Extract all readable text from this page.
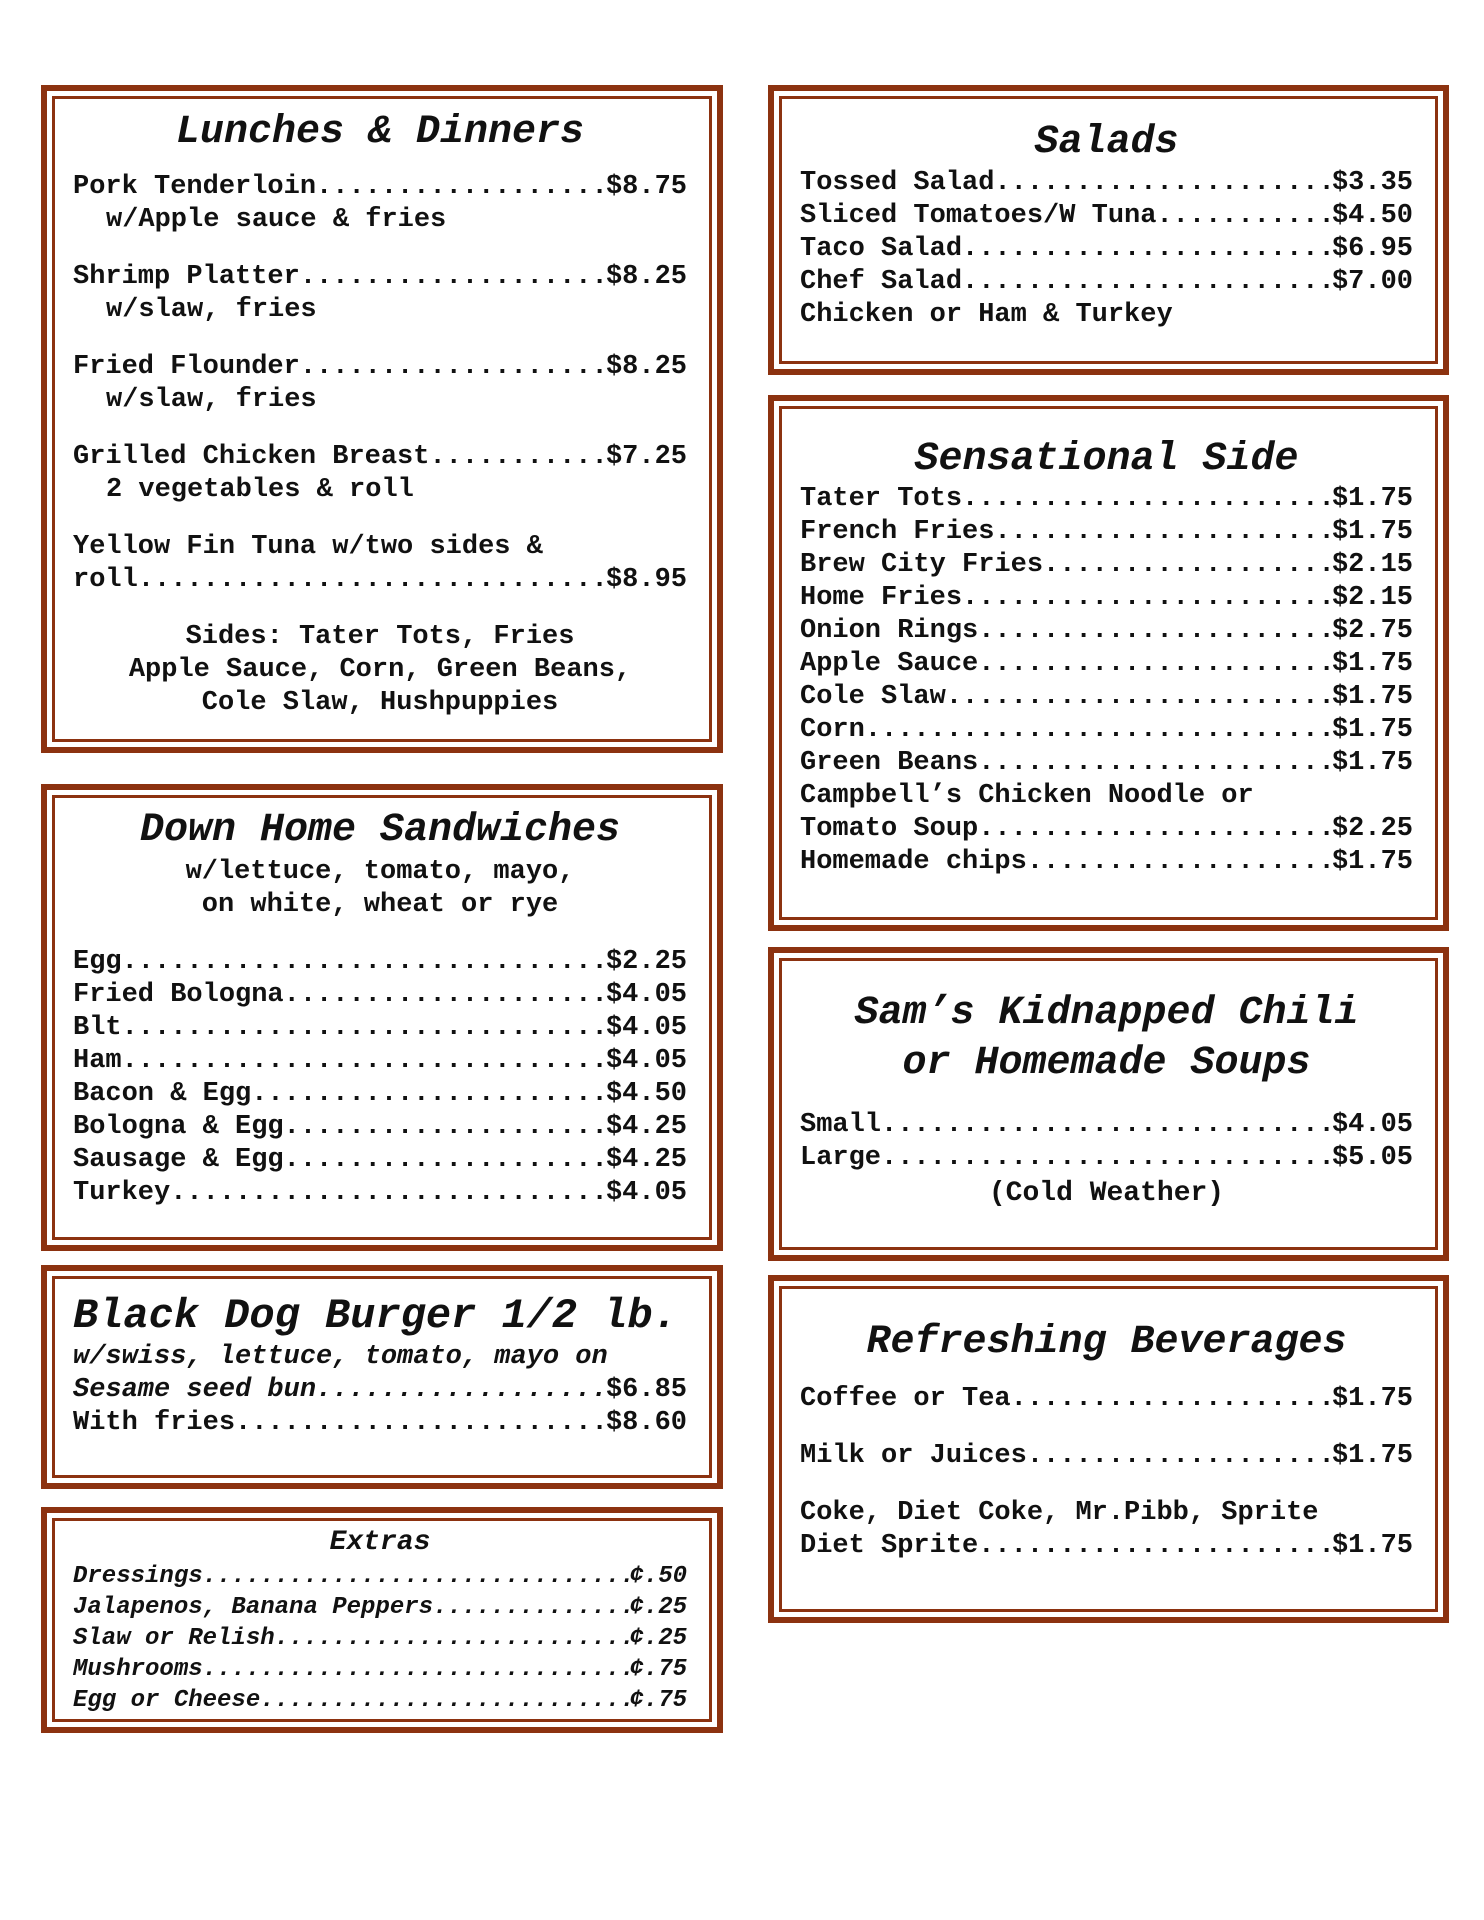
Lunches & Dinners
Pork Tenderloin .....	$8.75
w/Apple sauce & fries
Shrimp Platter .....	$8.25
w/slaw, fries
Fried Flounder .....	$8.25
w/slaw, fries
Grilled Chicken Breast .....	$7.25
2 vegetables & roll
Yellow Fin Tuna w/two sides &
roll .....	$8.95
Sides: Tater Tots, Fries
Apple Sauce, Corn, Green Beans,
Cole Slaw, Hushpuppies
Down Home Sandwiches
w/lettuce, tomato, mayo,
on white, wheat or rye
Egg .....	$2.25
Fried Bologna .....	$4.05
Blt .....	$4.05
Ham .....	$4.05
Bacon & Egg .....	$4.50
Bologna & Egg .....	$4.25
Sausage & Egg .....	$4.25
Turkey .....	$4.05
Black Dog Burger 1/2 lb.
w/swiss, lettuce, tomato, mayo on
Sesame seed bun .....	$6.85
With fries .....	$8.60
Extras
Dressings .....	¢.50
Jalapenos, Banana Peppers .....	¢.25
Slaw or Relish .....	¢.25
Mushrooms .....	¢.75
Egg or Cheese .....	¢.75
Salads
Tossed Salad .....	$3.35
Sliced Tomatoes/W Tuna .....	$4.50
Taco Salad .....	$6.95
Chef Salad .....	$7.00
Chicken or Ham & Turkey
Sensational Side
Tater Tots .....	$1.75
French Fries .....	$1.75
Brew City Fries .....	$2.15
Home Fries .....	$2.15
Onion Rings .....	$2.75
Apple Sauce .....	$1.75
Cole Slaw .....	$1.75
Corn .....	$1.75
Green Beans .....	$1.75
Campbell’s Chicken Noodle or
Tomato Soup .....	$2.25
Homemade chips .....	$1.75
Sam’s Kidnapped Chili
or Homemade Soups
Small .....	$4.05
Large .....	$5.05
(Cold Weather)
Refreshing Beverages
Coffee or Tea .....	$1.75
Milk or Juices .....	$1.75
Coke, Diet Coke, Mr.Pibb, Sprite
Diet Sprite .....	$1.75
